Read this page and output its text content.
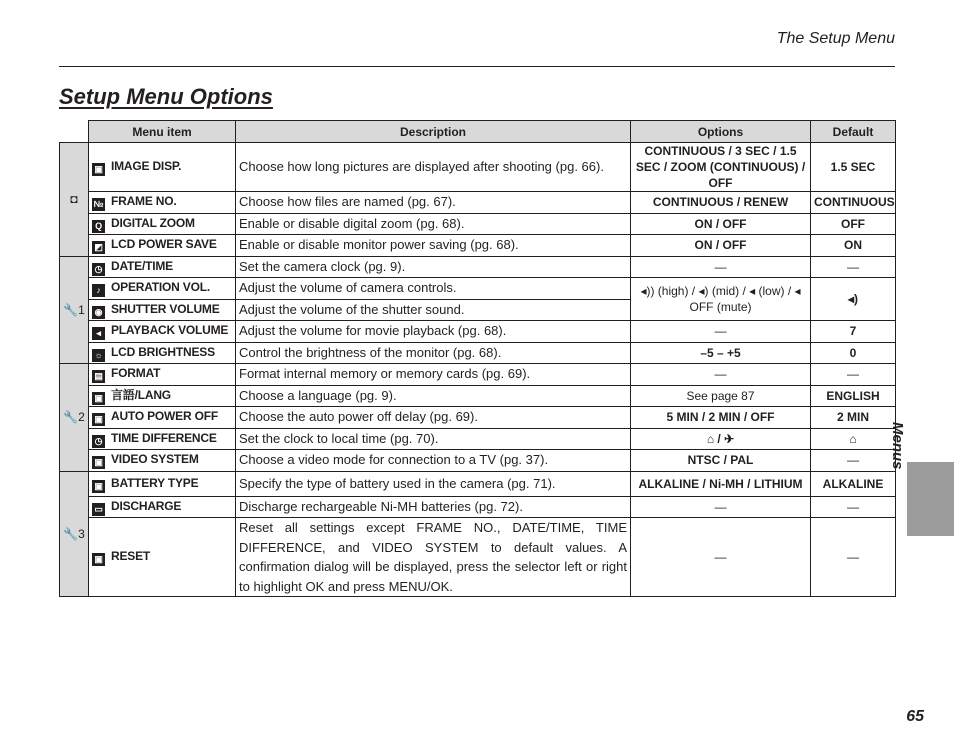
The Setup Menu
Setup Menu Options
	Menu item	Description	Options	Default
◘	▣ IMAGE DISP.	Choose how long pictures are displayed after shooting (pg. 66).	CONTINUOUS / 3 SEC / 1.5 SEC / ZOOM (CONTINUOUS) / OFF	1.5 SEC
	№ FRAME NO.	Choose how files are named (pg. 67).	CONTINUOUS / RENEW	CONTINUOUS
	Q DIGITAL ZOOM	Enable or disable digital zoom (pg. 68).	ON / OFF	OFF
	◩ LCD POWER SAVE	Enable or disable monitor power saving (pg. 68).	ON / OFF	ON
🔧1	◷ DATE/TIME	Set the camera clock (pg. 9).	—	—
	♪ OPERATION VOL.	Adjust the volume of camera controls.	◂)) (high) / ◂) (mid) / ◂ (low) / ◂ OFF (mute)	◂)
	◉ SHUTTER VOLUME	Adjust the volume of the shutter sound.		
	◂ PLAYBACK VOLUME	Adjust the volume for movie playback (pg. 68).	—	7
	☼ LCD BRIGHTNESS	Control the brightness of the monitor (pg. 68).	–5 – +5	0
🔧2	▤ FORMAT	Format internal memory or memory cards (pg. 69).	—	—
	▣ 言語/LANG	Choose a language (pg. 9).	See page 87	ENGLISH
	▣ AUTO POWER OFF	Choose the auto power off delay (pg. 69).	5 MIN / 2 MIN / OFF	2 MIN
	◷ TIME DIFFERENCE	Set the clock to local time (pg. 70).	⌂ / ✈	⌂
	▣ VIDEO SYSTEM	Choose a video mode for connection to a TV (pg. 37).	NTSC / PAL	—
🔧3	▣ BATTERY TYPE	Specify the type of battery used in the camera (pg. 71).	ALKALINE / Ni-MH / LITHIUM	ALKALINE
	▭ DISCHARGE	Discharge rechargeable Ni-MH batteries (pg. 72).	—	—
	▣ RESET	Reset all settings except FRAME NO., DATE/TIME, TIME DIFFERENCE, and VIDEO SYSTEM to default values. A confirmation dialog will be displayed, press the selector left or right to highlight OK and press MENU/OK.	—	—
Menus
65
